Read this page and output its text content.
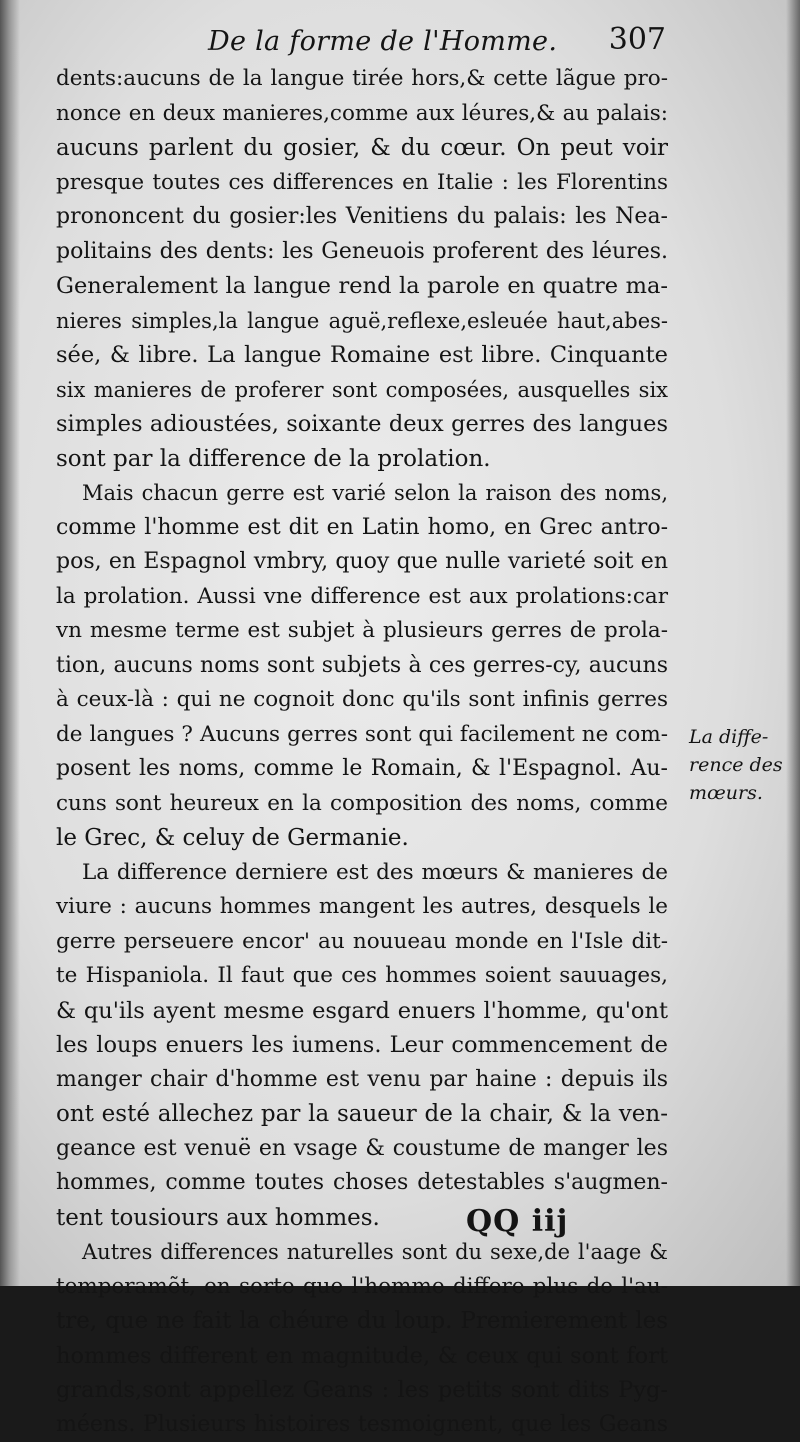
De la forme de l'Homme. 307
dents:aucuns de la langue tirée hors,& cette lãgue pro-
nonce en deux manieres,comme aux léures,& au palais:
aucuns parlent du gosier, & du cœur. On peut voir
presque toutes ces differences en Italie : les Florentins
prononcent du gosier:les Venitiens du palais: les Nea-
politains des dents: les Geneuois proferent des léures.
Generalement la langue rend la parole en quatre ma-
nieres simples,la langue aguë,reflexe,esleuée haut,abes-
sée, & libre. La langue Romaine est libre. Cinquante
six manieres de proferer sont composées, ausquelles six
simples adioustées, soixante deux gerres des langues
sont par la difference de la prolation.
Mais chacun gerre est varié selon la raison des noms,
comme l'homme est dit en Latin homo, en Grec antro-
pos, en Espagnol vmbry, quoy que nulle varieté soit en
la prolation. Aussi vne difference est aux prolations:car
vn mesme terme est subjet à plusieurs gerres de prola-
tion, aucuns noms sont subjets à ces gerres-cy, aucuns
à ceux-là : qui ne cognoit donc qu'ils sont infinis gerres
de langues ? Aucuns gerres sont qui facilement ne com-
posent les noms, comme le Romain, & l'Espagnol. Au-
cuns sont heureux en la composition des noms, comme
le Grec, & celuy de Germanie.
La difference derniere est des mœurs & manieres de
viure : aucuns hommes mangent les autres, desquels le
gerre perseuere encor' au nouueau monde en l'Isle dit-
te Hispaniola. Il faut que ces hommes soient sauuages,
& qu'ils ayent mesme esgard enuers l'homme, qu'ont
les loups enuers les iumens. Leur commencement de
manger chair d'homme est venu par haine : depuis ils
ont esté allechez par la saueur de la chair, & la ven-
geance est venuë en vsage & coustume de manger les
hommes, comme toutes choses detestables s'augmen-
tent tousiours aux hommes.
Autres differences naturelles sont du sexe,de l'aage &
temperamẽt, en sorte que l'homme differe plus de l'au-
tre, que ne fait la chéure du loup. Premierement les
hommes different en magnitude, & ceux qui sont fort
grands,sont appellez Geans : les petits sont dits Pyg-
méens. Plusieurs histoires tesmoignent, que les Geans
La diffe-
rence des
mœurs.
QQ iij
